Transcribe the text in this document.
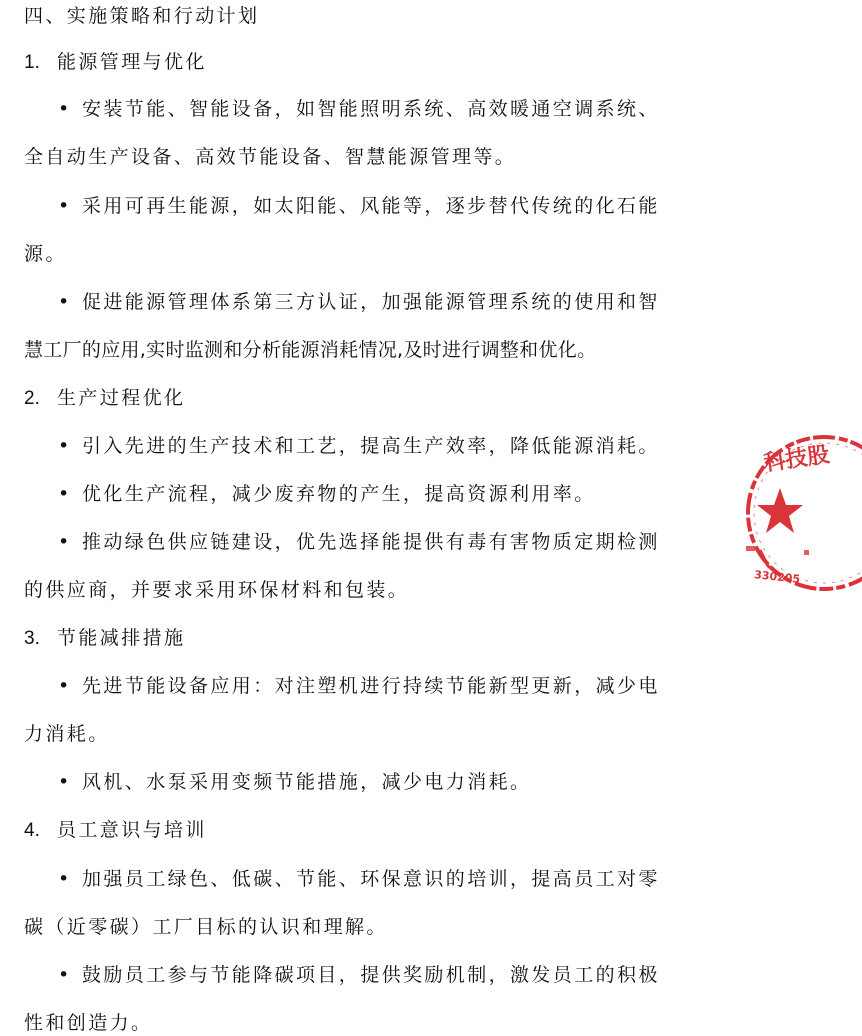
四、实施策略和行动计划
1. 能源管理与优化
• 安装节能、智能设备，如智能照明系统、高效暖通空调系统、
全自动生产设备、高效节能设备、智慧能源管理等。
• 采用可再生能源，如太阳能、风能等，逐步替代传统的化石能
源。
• 促进能源管理体系第三方认证，加强能源管理系统的使用和智
慧工厂的应用,实时监测和分析能源消耗情况,及时进行调整和优化。
2. 生产过程优化
• 引入先进的生产技术和工艺，提高生产效率，降低能源消耗。
• 优化生产流程，减少废弃物的产生，提高资源利用率。
• 推动绿色供应链建设，优先选择能提供有毒有害物质定期检测
的供应商，并要求采用环保材料和包装。
3. 节能减排措施
• 先进节能设备应用：对注塑机进行持续节能新型更新，减少电
力消耗。
• 风机、水泵采用变频节能措施，减少电力消耗。
4. 员工意识与培训
• 加强员工绿色、低碳、节能、环保意识的培训，提高员工对零
碳（近零碳）工厂目标的认识和理解。
• 鼓励员工参与节能降碳项目，提供奖励机制，激发员工的积极
性和创造力。
科技股
330205
